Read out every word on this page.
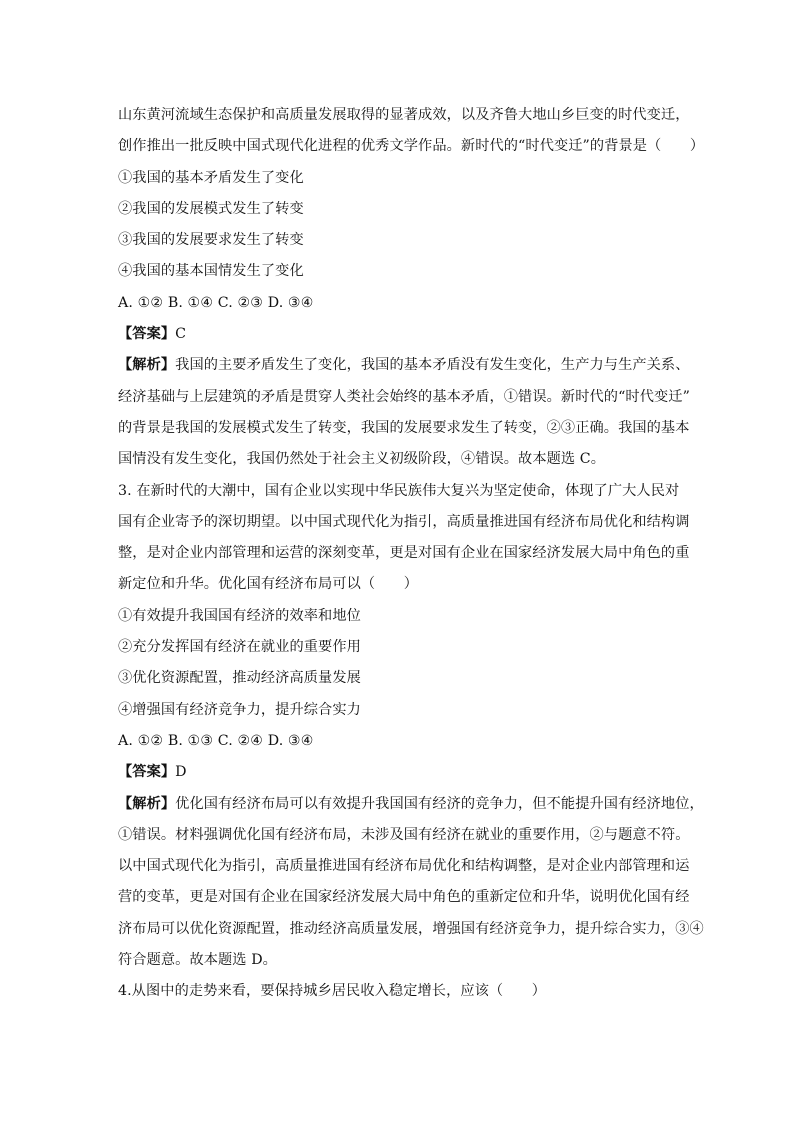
山东黄河流域生态保护和高质量发展取得的显著成效，以及齐鲁大地山乡巨变的时代变迁，
创作推出一批反映中国式现代化进程的优秀文学作品。新时代的“时代变迁”的背景是（　　）
①我国的基本矛盾发生了变化
②我国的发展模式发生了转变
③我国的发展要求发生了转变
④我国的基本国情发生了变化
A. ①② B. ①④ C. ②③ D. ③④
【答案】C
【解析】我国的主要矛盾发生了变化，我国的基本矛盾没有发生变化，生产力与生产关系、
经济基础与上层建筑的矛盾是贯穿人类社会始终的基本矛盾，①错误。新时代的“时代变迁”
的背景是我国的发展模式发生了转变，我国的发展要求发生了转变，②③正确。我国的基本
国情没有发生变化，我国仍然处于社会主义初级阶段，④错误。故本题选 C。
3. 在新时代的大潮中，国有企业以实现中华民族伟大复兴为坚定使命，体现了广大人民对
国有企业寄予的深切期望。以中国式现代化为指引，高质量推进国有经济布局优化和结构调
整，是对企业内部管理和运营的深刻变革，更是对国有企业在国家经济发展大局中角色的重
新定位和升华。优化国有经济布局可以（　　）
①有效提升我国国有经济的效率和地位
②充分发挥国有经济在就业的重要作用
③优化资源配置，推动经济高质量发展
④增强国有经济竞争力，提升综合实力
A. ①② B. ①③ C. ②④ D. ③④
【答案】D
【解析】优化国有经济布局可以有效提升我国国有经济的竞争力，但不能提升国有经济地位，
①错误。材料强调优化国有经济布局，未涉及国有经济在就业的重要作用，②与题意不符。
以中国式现代化为指引，高质量推进国有经济布局优化和结构调整，是对企业内部管理和运
营的变革，更是对国有企业在国家经济发展大局中角色的重新定位和升华，说明优化国有经
济布局可以优化资源配置，推动经济高质量发展，增强国有经济竞争力，提升综合实力，③④
符合题意。故本题选 D。
4.从图中的走势来看，要保持城乡居民收入稳定增长，应该（　　）
